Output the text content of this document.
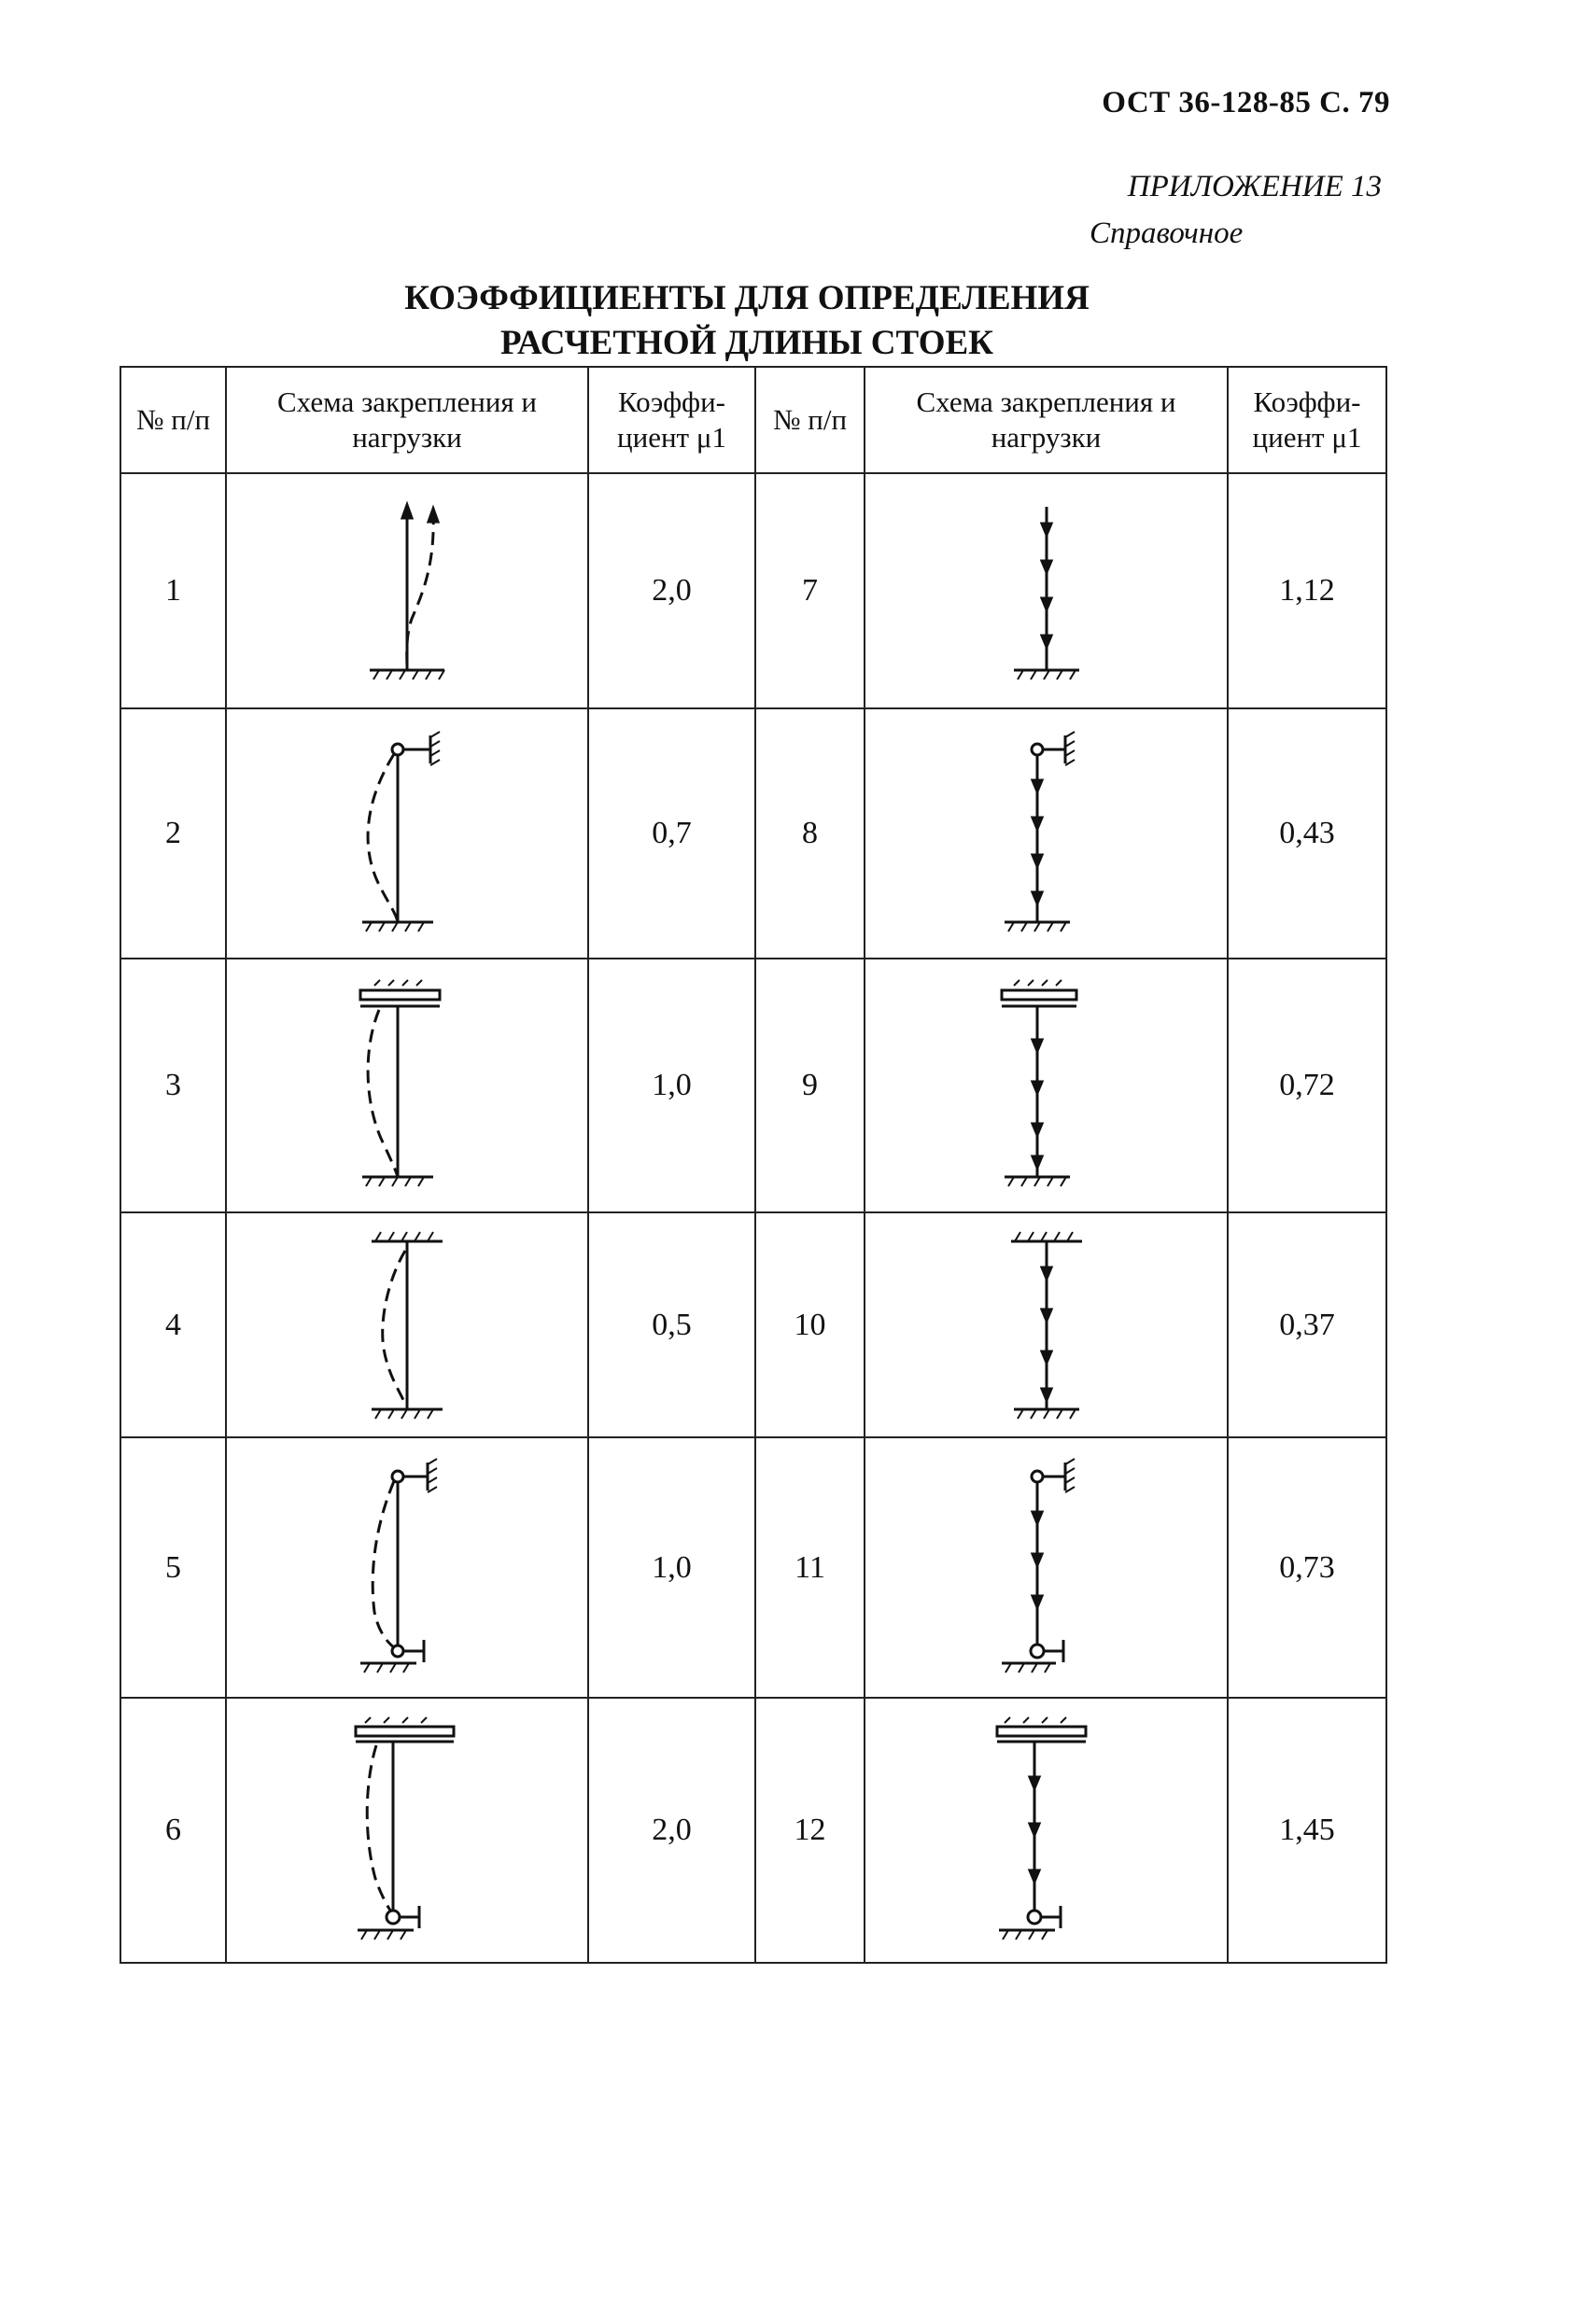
ОСТ 36-128-85 С. 79
ПРИЛОЖЕНИЕ 13
Справочное
КОЭФФИЦИЕНТЫ ДЛЯ ОПРЕДЕЛЕНИЯ
РАСЧЕТНОЙ ДЛИНЫ СТОЕК
№ п/п	Схема закрепления и нагрузки	Коэффи- циент μ1	№ п/п	Схема закрепления и нагрузки	Коэффи- циент μ1
1		2,0	7		1,12
2		0,7	8		0,43
3		1,0	9		0,72
4		0,5	10		0,37
5		1,0	11		0,73
6		2,0	12		1,45
